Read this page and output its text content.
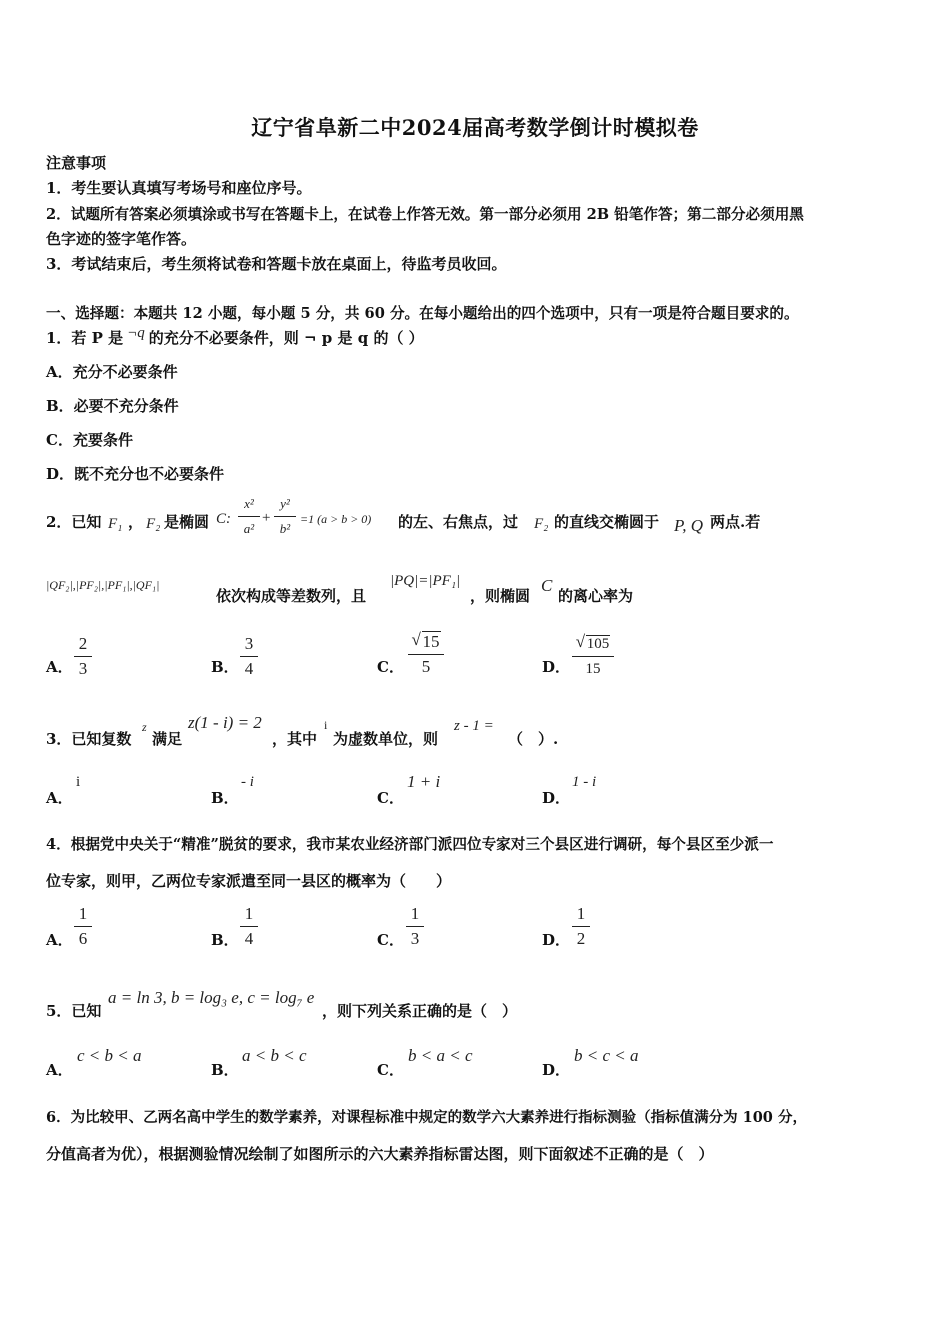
辽宁省阜新二中2024届高考数学倒计时模拟卷
注意事项
1．考生要认真填写考场号和座位序号。
2．试题所有答案必须填涂或书写在答题卡上，在试卷上作答无效。第一部分必须用 2B 铅笔作答；第二部分必须用黑
色字迹的签字笔作答。
3．考试结束后，考生须将试卷和答题卡放在桌面上，待监考员收回。
一、选择题：本题共 12 小题，每小题 5 分，共 60 分。在每小题给出的四个选项中，只有一项是符合题目要求的。
1．若 P 是 ¬q 的充分不必要条件，则 ¬ p 是 q 的（ ）
A．充分不必要条件
B．必要不充分条件
C．充要条件
D．既不充分也不必要条件
2．已知 F₁ ， F₂ 是椭圆 C:
x²
a²
+
y²
b²
=1 (a > b > 0) 的左、右焦点，过 F₂ 的直线交椭圆于 P, Q 两点.若
|QF₂|,|PF₂|,|PF₁|,|QF₁|
依次构成等差数列，且
|PQ|=|PF₁|
，则椭圆
C
的离心率为
A．
2
3	B．
3
4	C．
√ 15
5	D．
√ 105
15
3．已知复数
z
满足
z(1 - i) = 2
，其中
i
为虚数单位，则
z - 1 =
（　）.
A．
i
B．
- i
C．
1 + i
D．
1 - i
4．根据党中央关于“精准”脱贫的要求，我市某农业经济部门派四位专家对三个县区进行调研，每个县区至少派一
位专家，则甲，乙两位专家派遣至同一县区的概率为（　　）
A．
1
6	B．
1
4	C．
1
3	D．
1
2
5．已知
a = ln 3, b = log₃ e, c = log₇ e
，则下列关系正确的是（　）
A．
c < b < a
B．
a < b < c
C．
b < a < c
D．
b < c < a
6．为比较甲、乙两名高中学生的数学素养，对课程标准中规定的数学六大素养进行指标测验（指标值满分为 100 分，
分值高者为优），根据测验情况绘制了如图所示的六大素养指标雷达图，则下面叙述不正确的是（　）
